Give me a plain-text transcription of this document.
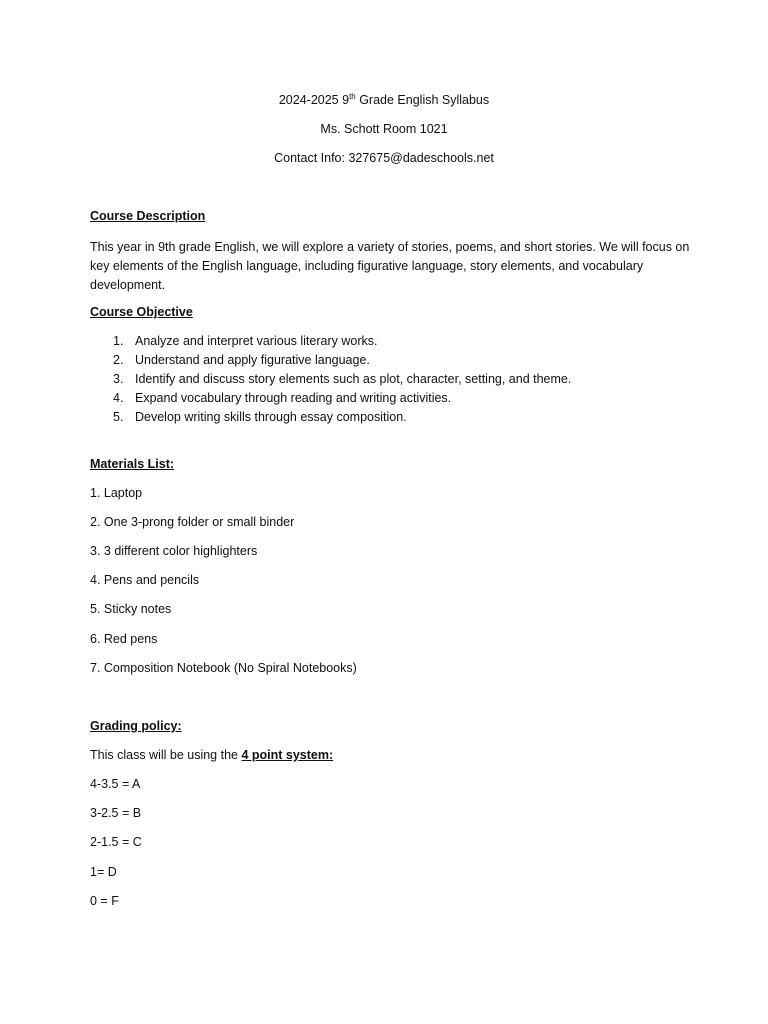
2024-2025 9th Grade English Syllabus
Ms. Schott Room 1021
Contact Info: 327675@dadeschools.net
Course Description
This year in 9th grade English, we will explore a variety of stories, poems, and short stories. We will focus on key elements of the English language, including figurative language, story elements, and vocabulary development.
Course Objective
1. Analyze and interpret various literary works.
2. Understand and apply figurative language.
3. Identify and discuss story elements such as plot, character, setting, and theme.
4. Expand vocabulary through reading and writing activities.
5. Develop writing skills through essay composition.
Materials List:
1. Laptop
2. One 3-prong folder or small binder
3. 3 different color highlighters
4. Pens and pencils
5. Sticky notes
6. Red pens
7. Composition Notebook (No Spiral Notebooks)
Grading policy:
This class will be using the 4 point system:
4-3.5 = A
3-2.5 = B
2-1.5 = C
1= D
0 = F
